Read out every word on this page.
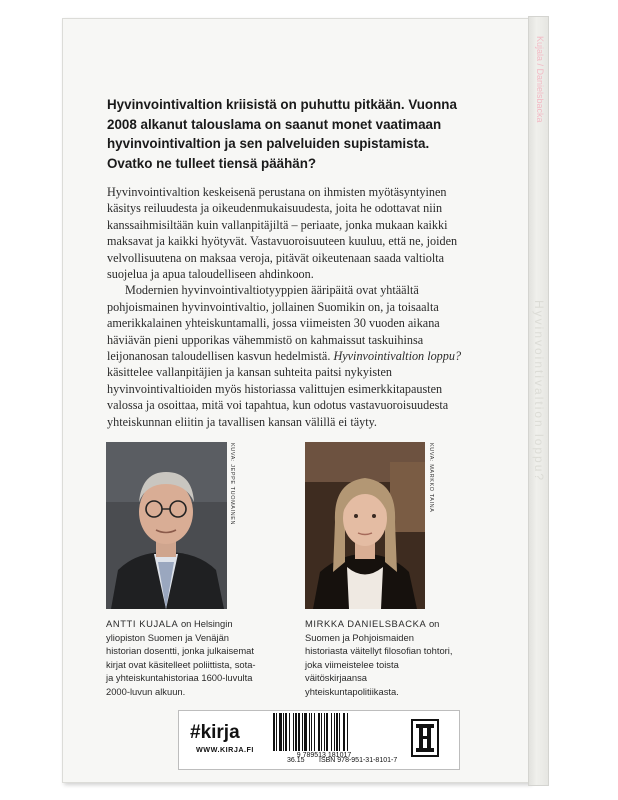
Kujala / Danielsbacka
Hyvinvointivaltion loppu?
Hyvinvointivaltion kriisistä on puhuttu pitkään. Vuonna 2008 alkanut talouslama on saanut monet vaatimaan hyvinvointivaltion ja sen palveluiden supistamista. Ovatko ne tulleet tiensä päähän?

Hyvinvointivaltion keskeisenä perustana on ihmisten myötäsyntyinen käsitys reiluudesta ja oikeudenmukaisuudesta, joita he odottavat niin kanssaihmisiltään kuin vallanpitäjiltä – periaate, jonka mukaan kaikki maksavat ja kaikki hyötyvät. Vastavuoroisuuteen kuuluu, että ne, joiden velvollisuutena on maksaa veroja, pitävät oikeutenaan saada valtiolta suojelua ja apua taloudelliseen ahdinkoon.

Modernien hyvinvointivaltiotyyppien ääripäitä ovat yhtäältä pohjoismainen hyvinvointivaltio, jollainen Suomikin on, ja toisaalta amerikkalainen yhteiskuntamalli, jossa viimeisten 30 vuoden aikana häviävän pieni upporikas vähemmistö on kahmaissut taskuihinsa leijonanosan taloudellisen kasvun hedelmistä. Hyvinvointivaltion loppu? käsittelee vallanpitäjien ja kansan suhteita paitsi nykyisten hyvinvointivaltioiden myös historiassa valittujen esimerkkitapausten valossa ja osoittaa, mitä voi tapahtua, kun odotus vastavuoroisuudesta yhteiskunnan eliitin ja tavallisen kansan välillä ei täyty.

KUVA: JEPPE TUOMAINEN	KUVA: MARKKO TAINA
ANTTI KUJALA on Helsingin yliopiston Suomen ja Venäjän historian dosentti, jonka julkaisemat kirjat ovat käsitelleet poliittista, sota- ja yhteiskuntahistoriaa 1600-luvulta 2000-luvun alkuun.
MIRKKA DANIELSBACKA on Suomen ja Pohjoismaiden historiasta väitellyt filosofian tohtori, joka viimeistelee toista väitöskirjaansa yhteiskuntapolitiikasta.
#kirja
WWW.KIRJA.FI
9 789513 181017
36.15 ISBN 978-951-31-8101-7
